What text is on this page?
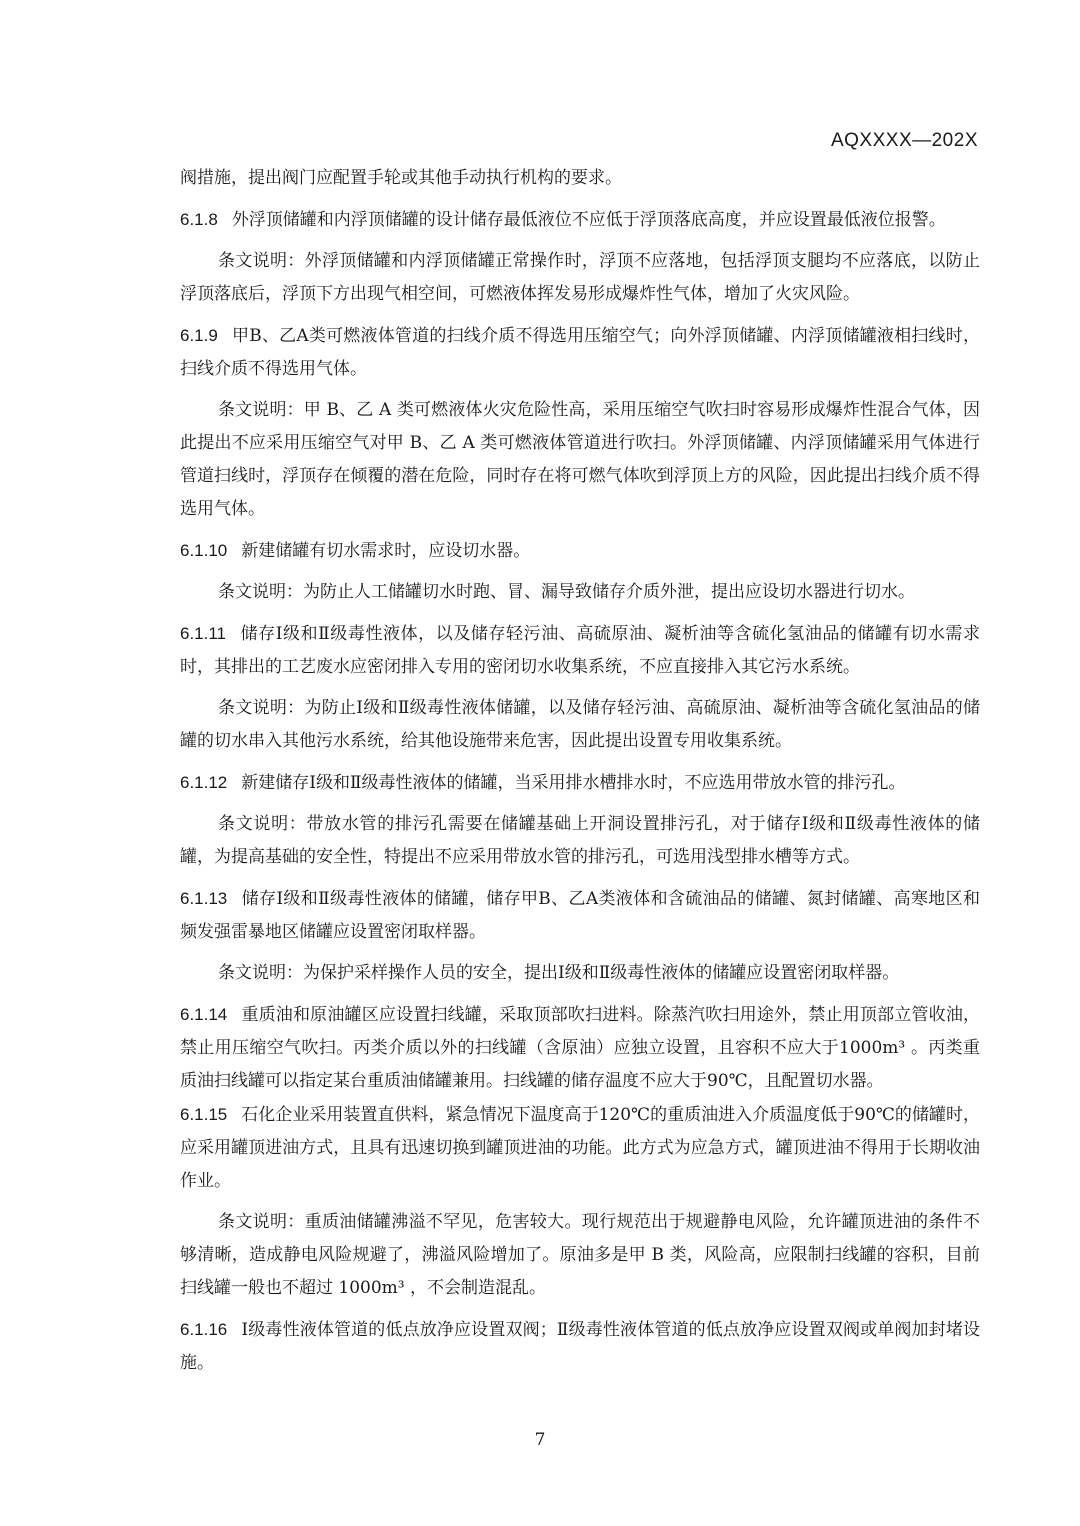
AQXXXX—202X
阀措施，提出阀门应配置手轮或其他手动执行机构的要求。
6.1.8 外浮顶储罐和内浮顶储罐的设计储存最低液位不应低于浮顶落底高度，并应设置最低液位报警。
条文说明：外浮顶储罐和内浮顶储罐正常操作时，浮顶不应落地，包括浮顶支腿均不应落底，以防止浮顶落底后，浮顶下方出现气相空间，可燃液体挥发易形成爆炸性气体，增加了火灾风险。
6.1.9 甲B、乙A类可燃液体管道的扫线介质不得选用压缩空气；向外浮顶储罐、内浮顶储罐液相扫线时，扫线介质不得选用气体。
条文说明：甲 B、乙 A 类可燃液体火灾危险性高，采用压缩空气吹扫时容易形成爆炸性混合气体，因此提出不应采用压缩空气对甲 B、乙 A 类可燃液体管道进行吹扫。外浮顶储罐、内浮顶储罐采用气体进行管道扫线时，浮顶存在倾覆的潜在危险，同时存在将可燃气体吹到浮顶上方的风险，因此提出扫线介质不得选用气体。
6.1.10 新建储罐有切水需求时，应设切水器。
条文说明：为防止人工储罐切水时跑、冒、漏导致储存介质外泄，提出应设切水器进行切水。
6.1.11 储存Ⅰ级和Ⅱ级毒性液体，以及储存轻污油、高硫原油、凝析油等含硫化氢油品的储罐有切水需求时，其排出的工艺废水应密闭排入专用的密闭切水收集系统，不应直接排入其它污水系统。
条文说明：为防止Ⅰ级和Ⅱ级毒性液体储罐，以及储存轻污油、高硫原油、凝析油等含硫化氢油品的储罐的切水串入其他污水系统，给其他设施带来危害，因此提出设置专用收集系统。
6.1.12 新建储存Ⅰ级和Ⅱ级毒性液体的储罐，当采用排水槽排水时，不应选用带放水管的排污孔。
条文说明：带放水管的排污孔需要在储罐基础上开洞设置排污孔，对于储存Ⅰ级和Ⅱ级毒性液体的储罐，为提高基础的安全性，特提出不应采用带放水管的排污孔，可选用浅型排水槽等方式。
6.1.13 储存Ⅰ级和Ⅱ级毒性液体的储罐，储存甲B、乙A类液体和含硫油品的储罐、氮封储罐、高寒地区和频发强雷暴地区储罐应设置密闭取样器。
条文说明：为保护采样操作人员的安全，提出Ⅰ级和Ⅱ级毒性液体的储罐应设置密闭取样器。
6.1.14 重质油和原油罐区应设置扫线罐，采取顶部吹扫进料。除蒸汽吹扫用途外，禁止用顶部立管收油，禁止用压缩空气吹扫。丙类介质以外的扫线罐（含原油）应独立设置，且容积不应大于1000m³ 。丙类重质油扫线罐可以指定某台重质油储罐兼用。扫线罐的储存温度不应大于90℃，且配置切水器。
6.1.15 石化企业采用装置直供料，紧急情况下温度高于120℃的重质油进入介质温度低于90℃的储罐时，应采用罐顶进油方式，且具有迅速切换到罐顶进油的功能。此方式为应急方式，罐顶进油不得用于长期收油作业。
条文说明：重质油储罐沸溢不罕见，危害较大。现行规范出于规避静电风险，允许罐顶进油的条件不够清晰，造成静电风险规避了，沸溢风险增加了。原油多是甲 B 类，风险高，应限制扫线罐的容积，目前扫线罐一般也不超过 1000m³ ，不会制造混乱。
6.1.16 Ⅰ级毒性液体管道的低点放净应设置双阀；Ⅱ级毒性液体管道的低点放净应设置双阀或单阀加封堵设施。
7
